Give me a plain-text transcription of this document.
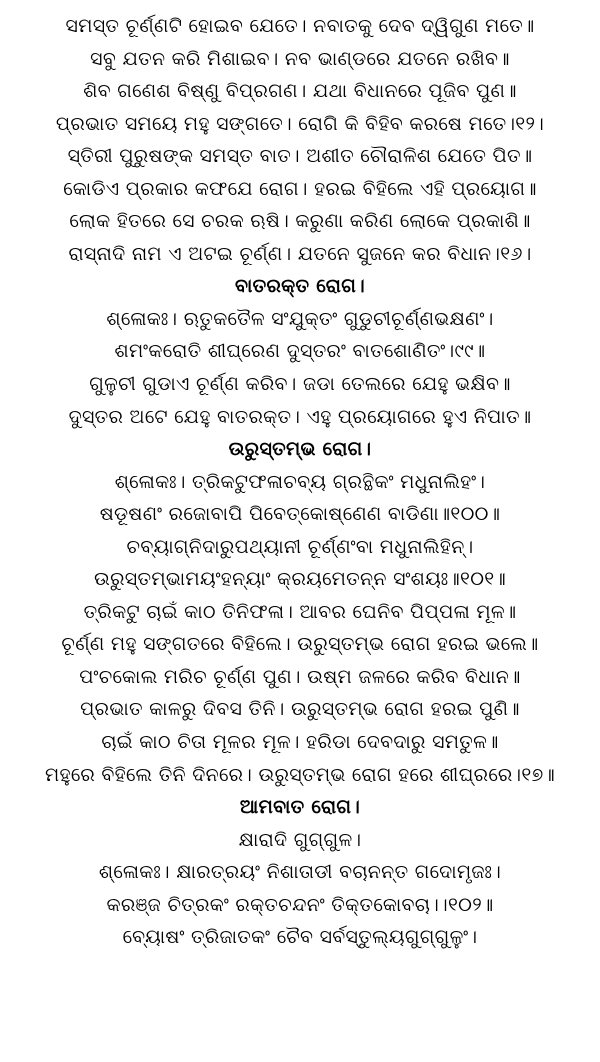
ସମସ୍ତ ଚୂର୍ଣ୍ଣଟି ହୋଇବ ଯେତେ। ନବାତକୁ ଦେବ ଦ୍ୱିଗୁଣ ମତେ॥
ସବୁ ଯତନ କରି ମିଶାଇବ। ନବ ଭାଣ୍ଡରେ ଯତନେ ରଖିବ॥
ଶିବ ଗଣେଶ ବିଷ୍ଣୁ ବିପ୍ରଗଣ। ଯଥା ବିଧାନରେ ପୂଜିବ ପୁଣ॥
ପ୍ରଭାତ ସମୟେ ମହୁ ସଙ୍ଗତେ। ରୋଗି କି ବିହିବ କରଷେ ମତେ।୧୨।
ସ୍ତିରୀ ପୁରୁଷଙ୍କ ସମସ୍ତ ବାତ। ଅଶୀତ ଚୌରାଳିଶ ଯେତେ ପିତ॥
କୋଡିଏ ପ୍ରକାର କଫଯେ ରୋଗ। ହରଇ ବିହିଲେ ଏହି ପ୍ରୟୋଗ॥
ଲୋକ ହିତରେ ସେ ଚରକ ଋଷି। କରୁଣା କରିଣ ଲୋକେ ପ୍ରକାଶି॥
ରାସ୍ନାଦି ନାମ ଏ ଅଟଇ ଚୂର୍ଣ୍ଣ। ଯତନେ ସୁଜନେ କର ବିଧାନ।୧୬।
ବାତରକ୍ତ ରୋଗ।
ଶ୍ଳୋକଃ। ଋତୁକତୈଳ ସଂଯୁକ୍ତଂ ଗୁଡୁଚୀଚୂର୍ଣ୍ଣଭକ୍ଷଣଂ।
ଶମଂକରୋତି ଶୀଘ୍ରେଣ ଦୁସ୍ତରଂ ବାତଶୋଣିତଂ।୯୯॥
ଗୁଳୁଚୀ ଗୁଡାଏ ଚୂର୍ଣ୍ଣ କରିବ। ଜଡା ତେଲରେ ଯେହୁ ଭକ୍ଷିବ॥
ଦୁସ୍ତର ଅଟେ ଯେହୁ ବାତରକ୍ତ। ଏହୁ ପ୍ରୟୋଗରେ ହୁଏ ନିପାତ॥
ଉରୁସ୍ତମ୍ଭ ରୋଗ।
ଶ୍ଳୋକଃ। ତ୍ରିକଟୁଫଳାଚବ୍ୟ ଗ୍ରନ୍ଥିକଂ ମଧୁନାଲିହଂ।
ଷଡୂଷଣଂ ରଜୋବାପି ପିବେତ୍କୋଷ୍ଣେଣ ବାଡିଣା॥୧୦୦॥
ଚବ୍ୟାଗ୍ନିଦାରୁପଥ୍ୟାନୀ ଚୂର୍ଣ୍ଣଂବା ମଧୁନାଲିହିନ୍।
ଉରୁସ୍ତମ୍ଭାମୟଂହନ୍ୟାଂ କ୍ରୟମେତନ୍ନ ସଂଶୟଃ॥୧୦୧॥
ତ୍ରିକଟୁ ଚାଇଁ କାଠ ତିନିଫଳା। ଆବର ଘେନିବ ପିପ୍ପଳା ମୂଳ॥
ଚୂର୍ଣ୍ଣ ମହୁ ସଙ୍ଗତରେ ବିହିଲେ। ଉରୁସ୍ତମ୍ଭ ରୋଗ ହରଇ ଭଲେ॥
ପଂଚକୋଲ ମରିଚ ଚୂର୍ଣ୍ଣ ପୁଣ। ଉଷ୍ମ ଜଳରେ କରିବ ବିଧାନ॥
ପ୍ରଭାତ କାଳରୁ ଦିବସ ତିନି। ଉରୁସ୍ତମ୍ଭ ରୋଗ ହରଇ ପୁଣି॥
ଚାଇଁ କାଠ ଚିତା ମୂଳର ମୂଳ। ହରିଡା ଦେବଦାରୁ ସମତୁଳ॥
ମହୁରେ ବିହିଲେ ତିନି ଦିନରେ। ଉରୁସ୍ତମ୍ଭ ରୋଗ ହରେ ଶୀଘ୍ରରେ।୧୭॥
ଆମବାତ ରୋଗ।
କ୍ଷାରାଦି ଗୁଗ୍ଗୁଳ।
ଶ୍ଳୋକଃ। କ୍ଷାରତ୍ରୟଂ ନିଶାତାଡୀ ବଚାନନ୍ତ ଗଦୋମୃଜଃ।
କରଞ୍ଜ ଚିତ୍ରକଂ ରକ୍ତଚନ୍ଦନଂ ତିକ୍ତକୋବଚା।।୧୦୨॥
ବ୍ୟୋଷଂ ତ୍ରିଜାତକଂ ଚୈବ ସର୍ବସ୍ତୁଲ୍ୟଗୁଗ୍ଗୁଳୁଂ।
